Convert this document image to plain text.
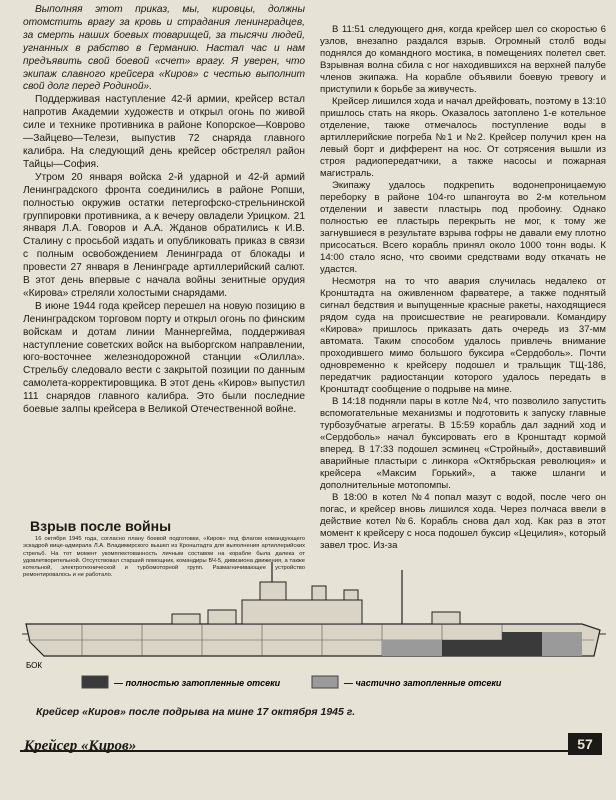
Выполняя этот приказ, мы, кировцы, должны отомстить врагу за кровь и страдания ленинградцев, за смерть наших боевых товарищей, за тысячи людей, угнанных в рабство в Германию. Настал час и нам предъявить свой боевой «счет» врагу. Я уверен, что экипаж славного крейсера «Киров» с честью выполнит свой долг перед Родиной».

Поддерживая наступление 42-й армии, крейсер встал напротив Академии художеств и открыл огонь по живой силе и технике противника в районе Копорское—Коврово—Зайцево—Телези, выпустив 72 снаряда главного калибра. На следующий день крейсер обстрелял район Тайцы—София.

Утром 20 января войска 2-й ударной и 42-й армий Ленинградского фронта соединились в районе Ропши, полностью окружив остатки петергофско-стрельнинской группировки противника, а к вечеру овладели Урицком. 21 января Л.А. Говоров и А.А. Жданов обратились к И.В. Сталину с просьбой издать и опубликовать приказ в связи с полным освобождением Ленинграда от блокады и провести 27 января в Ленинграде артиллерийский салют. В этот день впервые с начала войны зенитные орудия «Кирова» стреляли холостыми снарядами.

В июне 1944 года крейсер перешел на новую позицию в Ленинградском торговом порту и открыл огонь по финским войскам и дотам линии Маннергейма, поддерживая наступление советских войск на выборгском направлении, юго-восточнее железнодорожной станции «Олилла». Стрельбу следовало вести с закрытой позиции по данным самолета-корректировщика. В этот день «Киров» выпустил 111 снарядов главного калибра. Это были последние боевые залпы крейсера в Великой Отечественной войне.

Взрыв после войны

В 11:51 следующего дня, когда крейсер шел со скоростью 6 узлов, внезапно раздался взрыв. Огромный столб воды поднялся до командного мостика, в помещениях полетел свет. Взрывная волна сбила с ног находившихся на верхней палубе членов экипажа. На корабле объявили боевую тревогу и приступили к борьбе за живучесть.

Крейсер лишился хода и начал дрейфовать, поэтому в 13:10 пришлось стать на якорь. Оказалось затоплено 1-е котельное отделение, также отмечалось поступление воды в артиллерийские погреба №1 и №2. Крейсер получил крен на левый борт и дифферент на нос. От сотрясения вышли из строя радиопередатчики, а также насосы и пожарная магистраль.

Экипажу удалось подкрепить водонепроницаемую переборку в районе 104-го шпангоута во 2-м котельном отделении и завести пластырь под пробоину. Однако полностью ее пластырь перекрыть не мог, к тому же загнувшиеся в результате взрыва гофры не давали ему плотно присосаться. Всего корабль принял около 1000 тонн воды. К 14:00 стало ясно, что своими средствами воду откачать не удастся.

Несмотря на то что авария случилась недалеко от Кронштадта на оживленном фарватере, а также поднятый сигнал бедствия и выпущенные красные ракеты, находящиеся рядом суда на происшествие не реагировали. Командиру «Кирова» пришлось приказать дать очередь из 37-мм автомата. Таким способом удалось привлечь внимание проходившего мимо большого буксира «Сердоболь». Почти одновременно к крейсеру подошел и тральщик ТЩ-186, передатчик радиостанции которого удалось передать в Кронштадт сообщение о подрыве на мине.

В 14:18 подняли пары в котле №4, что позволило запустить вспомогательные механизмы и подготовить к запуску главные турбозубчатые агрегаты. В 15:59 корабль дал задний ход и «Сердоболь» начал буксировать его в Кронштадт кормой вперед. В 17:33 подошел эсминец «Стройный», доставивший аварийные пластыри с линкора «Октябрьская революция» и крейсера «Максим Горький», а также шланги и дополнительные мотопомпы.

В 18:00 в котел №4 попал мазут с водой, после чего он погас, и крейсер вновь лишился хода. Через полчаса ввели в действие котел №6. Корабль снова дал ход. Как раз в этот момент к крейсеру с носа подошел буксир «Цецилия», который завел трос. Из-за

БОК
— полностью затопленные отсеки	— частично затопленные отсеки
Крейсер «Киров» после подрыва на мине 17 октября 1945 г.
Крейсер «Киров»	57

16 октября 1945 года, согласно плану боевой подготовки, «Киров» под флагом командующего эскадрой вице-адмирала Л.А. Владимирского вышел из Кронштадта для выполнения артиллерийских стрельб. На тот момент укомплектованность личным составом на корабле была далека от удовлетворительной. Отсутствовал старший помощник, командиры БЧ-5, дивизиона движения, а также котельной, электротехнической и турбомоторной групп. Размагничивающее устройство ремонтировалось и не работало.
